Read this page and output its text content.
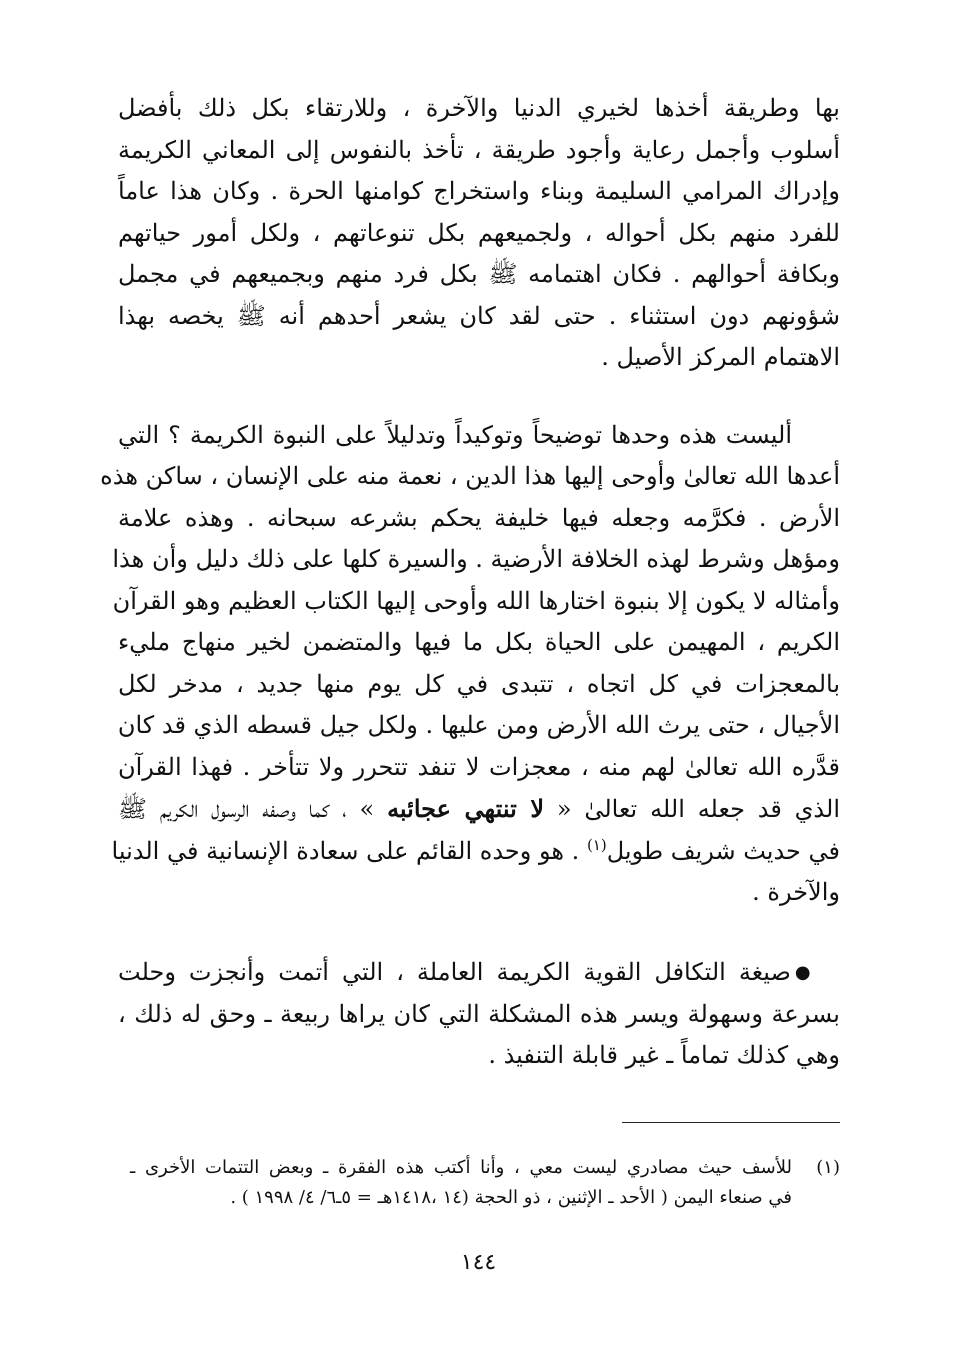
بها وطريقة أخذها لخيري الدنيا والآخرة ، وللارتقاء بكل ذلك بأفضل
أسلوب وأجمل رعاية وأجود طريقة ، تأخذ بالنفوس إلى المعاني الكريمة
وإدراك المرامي السليمة وبناء واستخراج كوامنها الحرة . وكان هذا عاماً
للفرد منهم بكل أحواله ، ولجميعهم بكل تنوعاتهم ، ولكل أمور حياتهم
وبكافة أحوالهم . فكان اهتمامه ﷺ بكل فرد منهم وبجميعهم في مجمل
شؤونهم دون استثناء . حتى لقد كان يشعر أحدهم أنه ﷺ يخصه بهذا
الاهتمام المركز الأصيل .

أليست هذه وحدها توضيحاً وتوكيداً وتدليلاً على النبوة الكريمة ؟ التي
أعدها الله تعالىٰ وأوحى إليها هذا الدين ، نعمة منه على الإنسان ، ساكن هذه
الأرض . فكرَّمه وجعله فيها خليفة يحكم بشرعه سبحانه . وهذه علامة
ومؤهل وشرط لهذه الخلافة الأرضية . والسيرة كلها على ذلك دليل وأن هذا
وأمثاله لا يكون إلا بنبوة اختارها الله وأوحى إليها الكتاب العظيم وهو القرآن
الكريم ، المهيمن على الحياة بكل ما فيها والمتضمن لخير منهاج مليء
بالمعجزات في كل اتجاه ، تتبدى في كل يوم منها جديد ، مدخر لكل
الأجيال ، حتى يرث الله الأرض ومن عليها . ولكل جيل قسطه الذي قد كان
قدَّره الله تعالىٰ لهم منه ، معجزات لا تنفد تتحرر ولا تتأخر . فهذا القرآن
الذي قد جعله الله تعالىٰ « لا تنتهي عجائبه » ، كما وصفه الرسول الكريم ﷺ
في حديث شريف طويل$^{(١)}$ . هو وحده القائم على سعادة الإنسانية في الدنيا
والآخرة .

●صيغة التكافل القوية الكريمة العاملة ، التي أتمت وأنجزت وحلت
بسرعة وسهولة ويسر هذه المشكلة التي كان يراها ربيعة ـ وحق له ذلك ،
وهي كذلك تماماً ـ غير قابلة التنفيذ .

(١)
للأسف حيث مصادري ليست معي ، وأنا أكتب هذه الفقرة ـ وبعض التتمات الأخرى ـ
في صنعاء اليمن ( الأحد ـ الإثنين ، ذو الحجة (١٤ ،١٤١٨هـ = ٥ـ٦/ ٤/ ١٩٩٨ ) .
١٤٤
